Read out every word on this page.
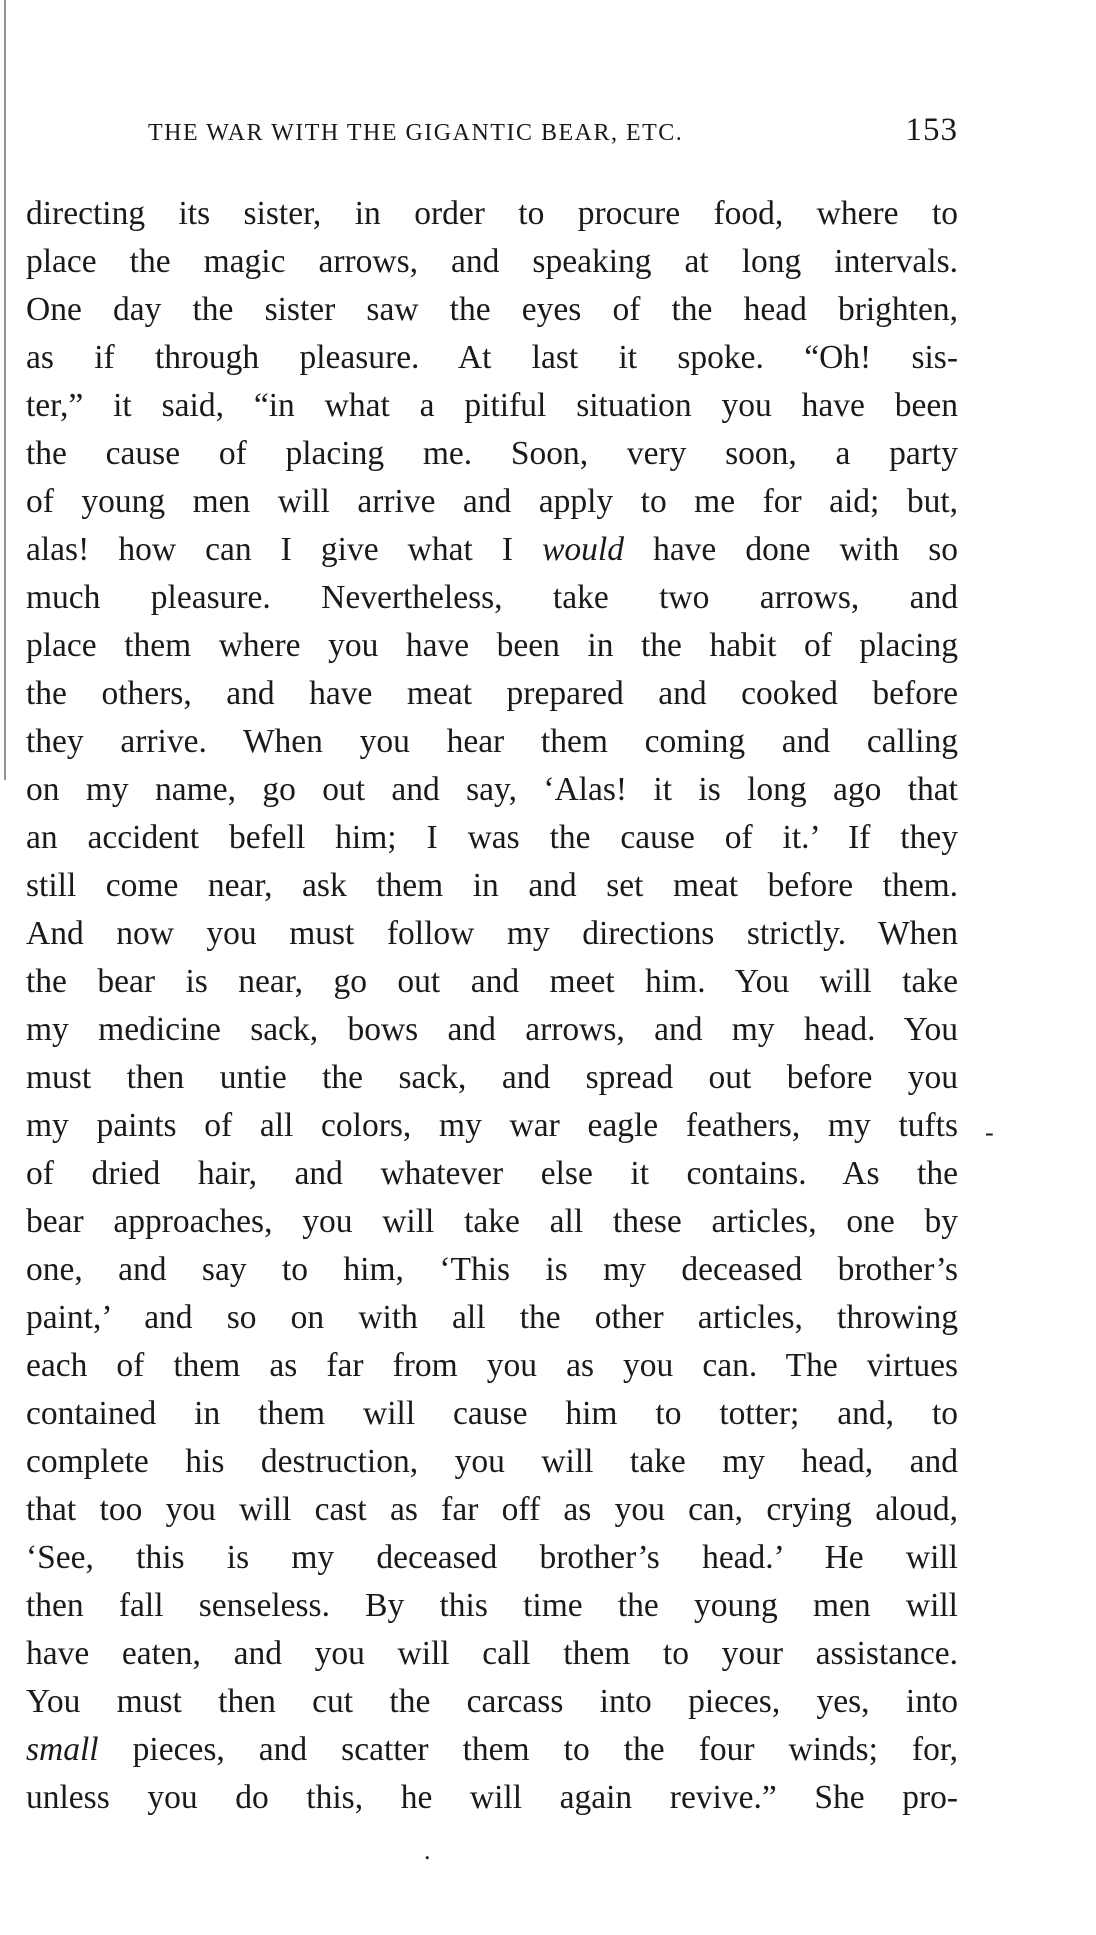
THE WAR WITH THE GIGANTIC BEAR, ETC.	153
directing its sister, in order to procure food, where to
place the magic arrows, and speaking at long intervals.
One day the sister saw the eyes of the head brighten,
as if through pleasure. At last it spoke. “Oh! sis-
ter,” it said, “in what a pitiful situation you have been
the cause of placing me. Soon, very soon, a party
of young men will arrive and apply to me for aid; but,
alas! how can I give what I would have done with so
much pleasure. Nevertheless, take two arrows, and
place them where you have been in the habit of placing
the others, and have meat prepared and cooked before
they arrive. When you hear them coming and calling
on my name, go out and say, ‘Alas! it is long ago that
an accident befell him; I was the cause of it.’ If they
still come near, ask them in and set meat before them.
And now you must follow my directions strictly. When
the bear is near, go out and meet him. You will take
my medicine sack, bows and arrows, and my head. You
must then untie the sack, and spread out before you
my paints of all colors, my war eagle feathers, my tufts
of dried hair, and whatever else it contains. As the
bear approaches, you will take all these articles, one by
one, and say to him, ‘This is my deceased brother’s
paint,’ and so on with all the other articles, throwing
each of them as far from you as you can. The virtues
contained in them will cause him to totter; and, to
complete his destruction, you will take my head, and
that too you will cast as far off as you can, crying aloud,
‘See, this is my deceased brother’s head.’ He will
then fall senseless. By this time the young men will
have eaten, and you will call them to your assistance.
You must then cut the carcass into pieces, yes, into
small pieces, and scatter them to the four winds; for,
unless you do this, he will again revive.” She pro-
-
.
